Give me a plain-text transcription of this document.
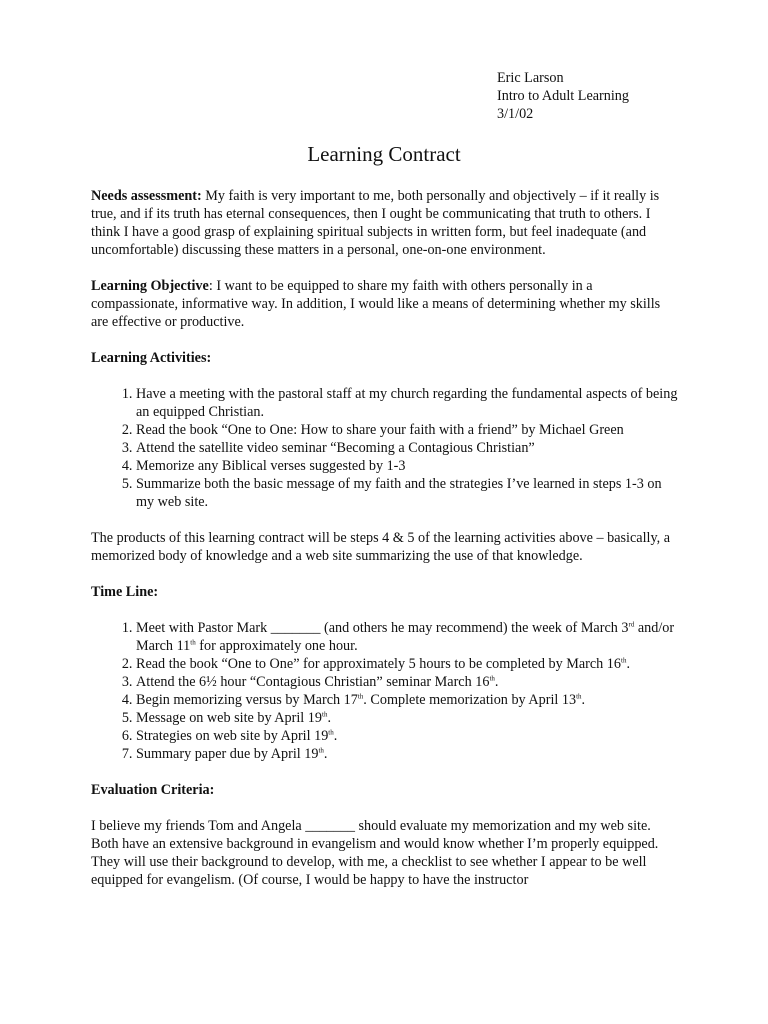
Eric Larson
Intro to Adult Learning
3/1/02
Learning Contract

Needs assessment: My faith is very important to me, both personally and objectively – if it really is true, and if its truth has eternal consequences, then I ought be communicating that truth to others. I think I have a good grasp of explaining spiritual subjects in written form, but feel inadequate (and uncomfortable) discussing these matters in a personal, one-on-one environment.

Learning Objective: I want to be equipped to share my faith with others personally in a compassionate, informative way. In addition, I would like a means of determining whether my skills are effective or productive.

Learning Activities:
1. Have a meeting with the pastoral staff at my church regarding the fundamental aspects of being an equipped Christian.
2. Read the book “One to One: How to share your faith with a friend” by Michael Green
3. Attend the satellite video seminar “Becoming a Contagious Christian”
4. Memorize any Biblical verses suggested by 1-3
5. Summarize both the basic message of my faith and the strategies I’ve learned in steps 1-3 on my web site.

The products of this learning contract will be steps 4 & 5 of the learning activities above – basically, a memorized body of knowledge and a web site summarizing the use of that knowledge.

Time Line:
1. Meet with Pastor Mark _______ (and others he may recommend) the week of March 3rd and/or March 11th for approximately one hour.
2. Read the book “One to One” for approximately 5 hours to be completed by March 16th.
3. Attend the 6½ hour “Contagious Christian” seminar March 16th.
4. Begin memorizing versus by March 17th. Complete memorization by April 13th.
5. Message on web site by April 19th.
6. Strategies on web site by April 19th.
7. Summary paper due by April 19th.
Evaluation Criteria:

I believe my friends Tom and Angela _______ should evaluate my memorization and my web site. Both have an extensive background in evangelism and would know whether I’m properly equipped. They will use their background to develop, with me, a checklist to see whether I appear to be well equipped for evangelism. (Of course, I would be happy to have the instructor
